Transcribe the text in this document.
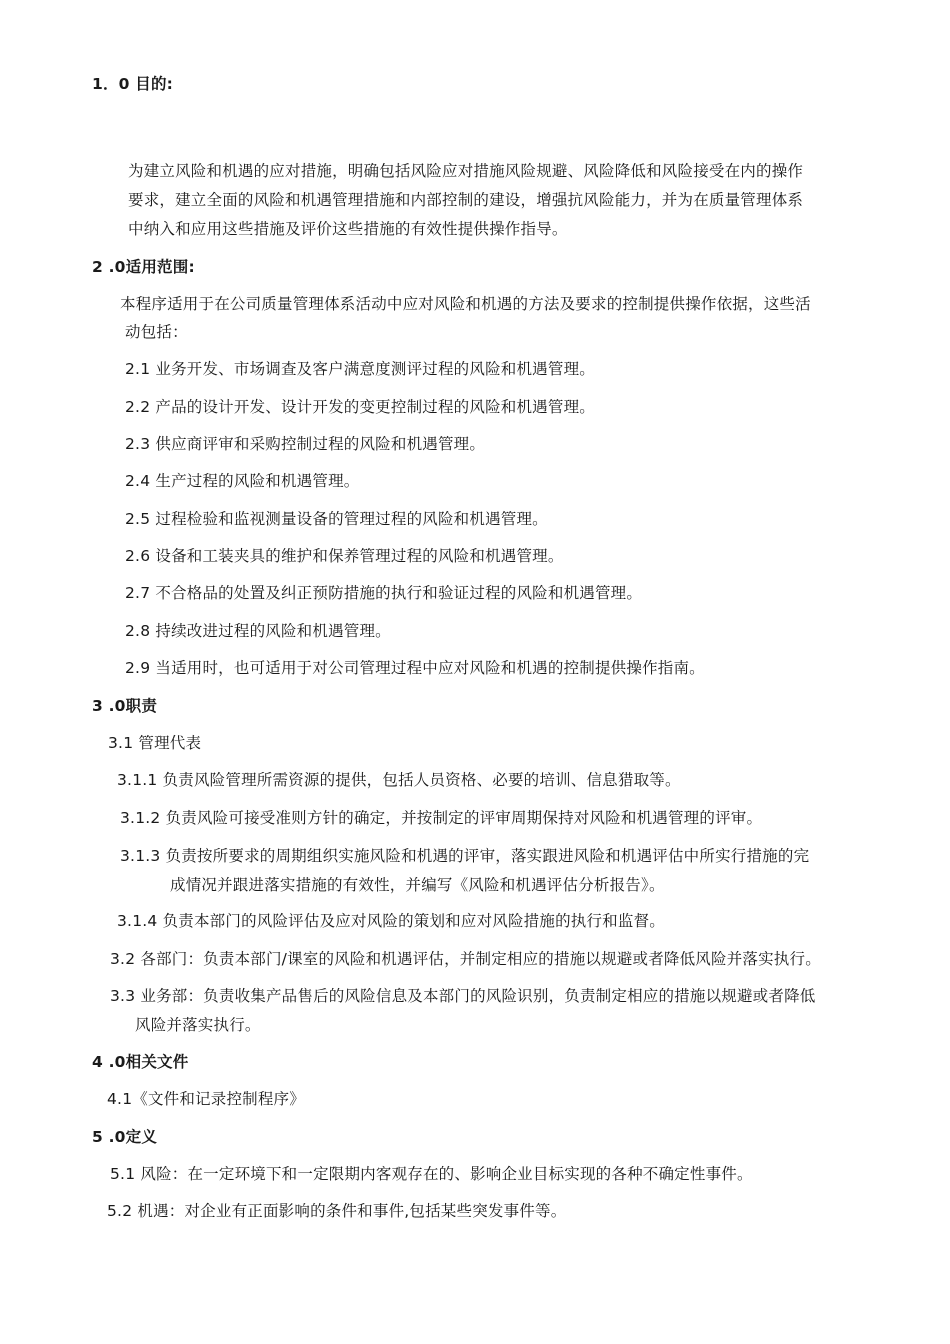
1．0 目的:
为建立风险和机遇的应对措施，明确包括风险应对措施风险规避、风险降低和风险接受在内的操作
要求，建立全面的风险和机遇管理措施和内部控制的建设，增强抗风险能力，并为在质量管理体系
中纳入和应用这些措施及评价这些措施的有效性提供操作指导。
2 .0适用范围:
本程序适用于在公司质量管理体系活动中应对风险和机遇的方法及要求的控制提供操作依据，这些活
动包括：
2.1 业务开发、市场调查及客户满意度测评过程的风险和机遇管理。
2.2 产品的设计开发、设计开发的变更控制过程的风险和机遇管理。
2.3 供应商评审和采购控制过程的风险和机遇管理。
2.4 生产过程的风险和机遇管理。
2.5 过程检验和监视测量设备的管理过程的风险和机遇管理。
2.6 设备和工装夹具的维护和保养管理过程的风险和机遇管理。
2.7 不合格品的处置及纠正预防措施的执行和验证过程的风险和机遇管理。
2.8 持续改进过程的风险和机遇管理。
2.9 当适用时，也可适用于对公司管理过程中应对风险和机遇的控制提供操作指南。
3 .0职责
3.1 管理代表
3.1.1 负责风险管理所需资源的提供，包括人员资格、必要的培训、信息猎取等。
3.1.2 负责风险可接受准则方针的确定，并按制定的评审周期保持对风险和机遇管理的评审。
3.1.3 负责按所要求的周期组织实施风险和机遇的评审，落实跟进风险和机遇评估中所实行措施的完
成情况并跟进落实措施的有效性，并编写《风险和机遇评估分析报告》。
3.1.4 负责本部门的风险评估及应对风险的策划和应对风险措施的执行和监督。
3.2 各部门：负责本部门/课室的风险和机遇评估，并制定相应的措施以规避或者降低风险并落实执行。
3.3 业务部：负责收集产品售后的风险信息及本部门的风险识别，负责制定相应的措施以规避或者降低
风险并落实执行。
4 .0相关文件
4.1《文件和记录控制程序》
5 .0定义
5.1 风险：在一定环境下和一定限期内客观存在的、影响企业目标实现的各种不确定性事件。
5.2 机遇：对企业有正面影响的条件和事件,包括某些突发事件等。
